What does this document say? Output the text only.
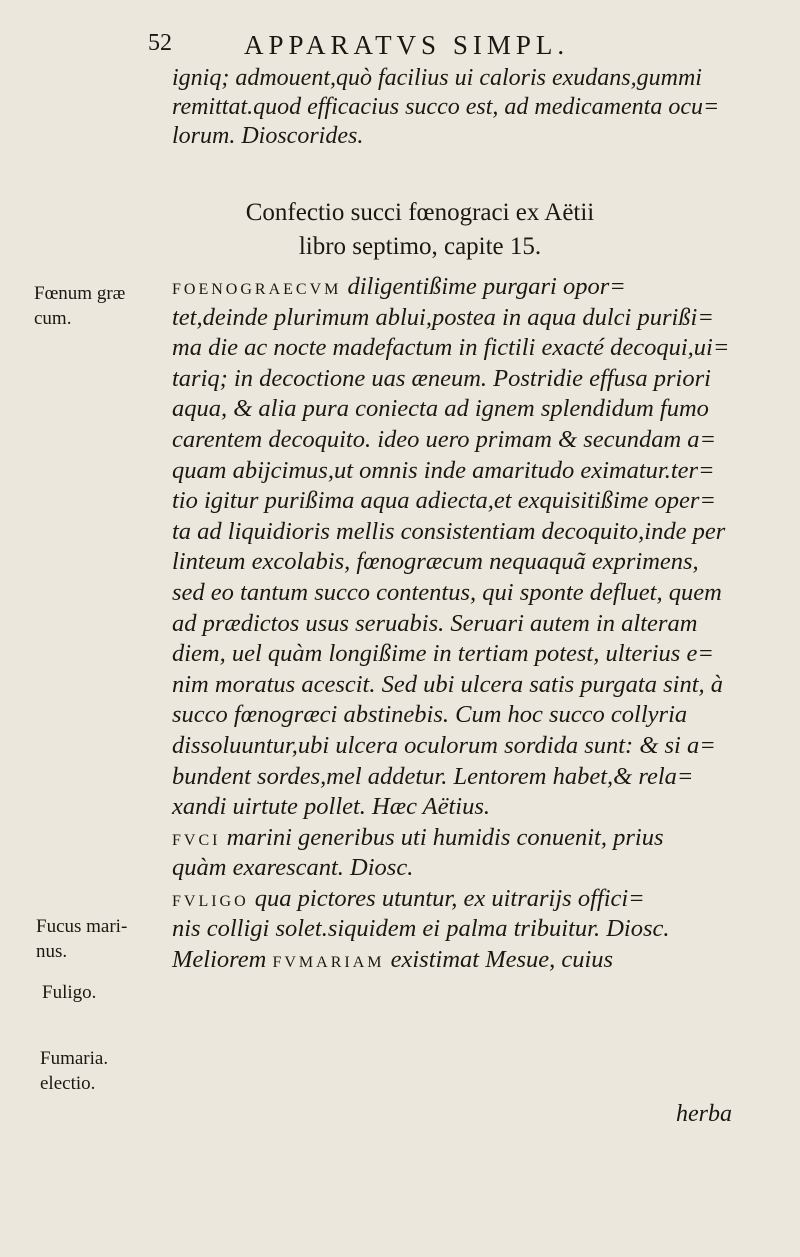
52	APPARATVS SIMPL.
igniq; admouent,quò facilius ui caloris exudans,gummi
remittat.quod efficacius succo est, ad medicamenta ocu=
lorum. Dioscorides.
Confectio succi fœnograci ex Aëtii
libro septimo, capite 15.
FOENOGRAECVM diligentißime purgari opor=
tet,deinde plurimum ablui,postea in aqua dulci purißi=
ma die ac nocte madefactum in fictili exacté decoqui,ui=
tariq; in decoctione uas æneum. Postridie effusa priori
aqua, & alia pura coniecta ad ignem splendidum fumo
carentem decoquito. ideo uero primam & secundam a=
quam abijcimus,ut omnis inde amaritudo eximatur.ter=
tio igitur purißima aqua adiecta,et exquisitißime oper=
ta ad liquidioris mellis consistentiam decoquito,inde per
linteum excolabis, fœnogræcum nequaquã exprimens,
sed eo tantum succo contentus, qui sponte defluet, quem
ad prædictos usus seruabis. Seruari autem in alteram
diem, uel quàm longißime in tertiam potest, ulterius e=
nim moratus acescit. Sed ubi ulcera satis purgata sint, à
succo fœnogræci abstinebis. Cum hoc succo collyria
dissoluuntur,ubi ulcera oculorum sordida sunt: & si a=
bundent sordes,mel addetur. Lentorem habet,& rela=
xandi uirtute pollet. Hæc Aëtius.
FVCI marini generibus uti humidis conuenit, prius
quàm exarescant. Diosc.
FVLIGO qua pictores utuntur, ex uitrarijs offici=
nis colligi solet.siquidem ei palma tribuitur. Diosc.
Meliorem FVMARIAM existimat Mesue, cuius
herba
Fœnum græ
cum.
Fucus mari-
nus.
Fuligo.
Fumaria.
electio.
